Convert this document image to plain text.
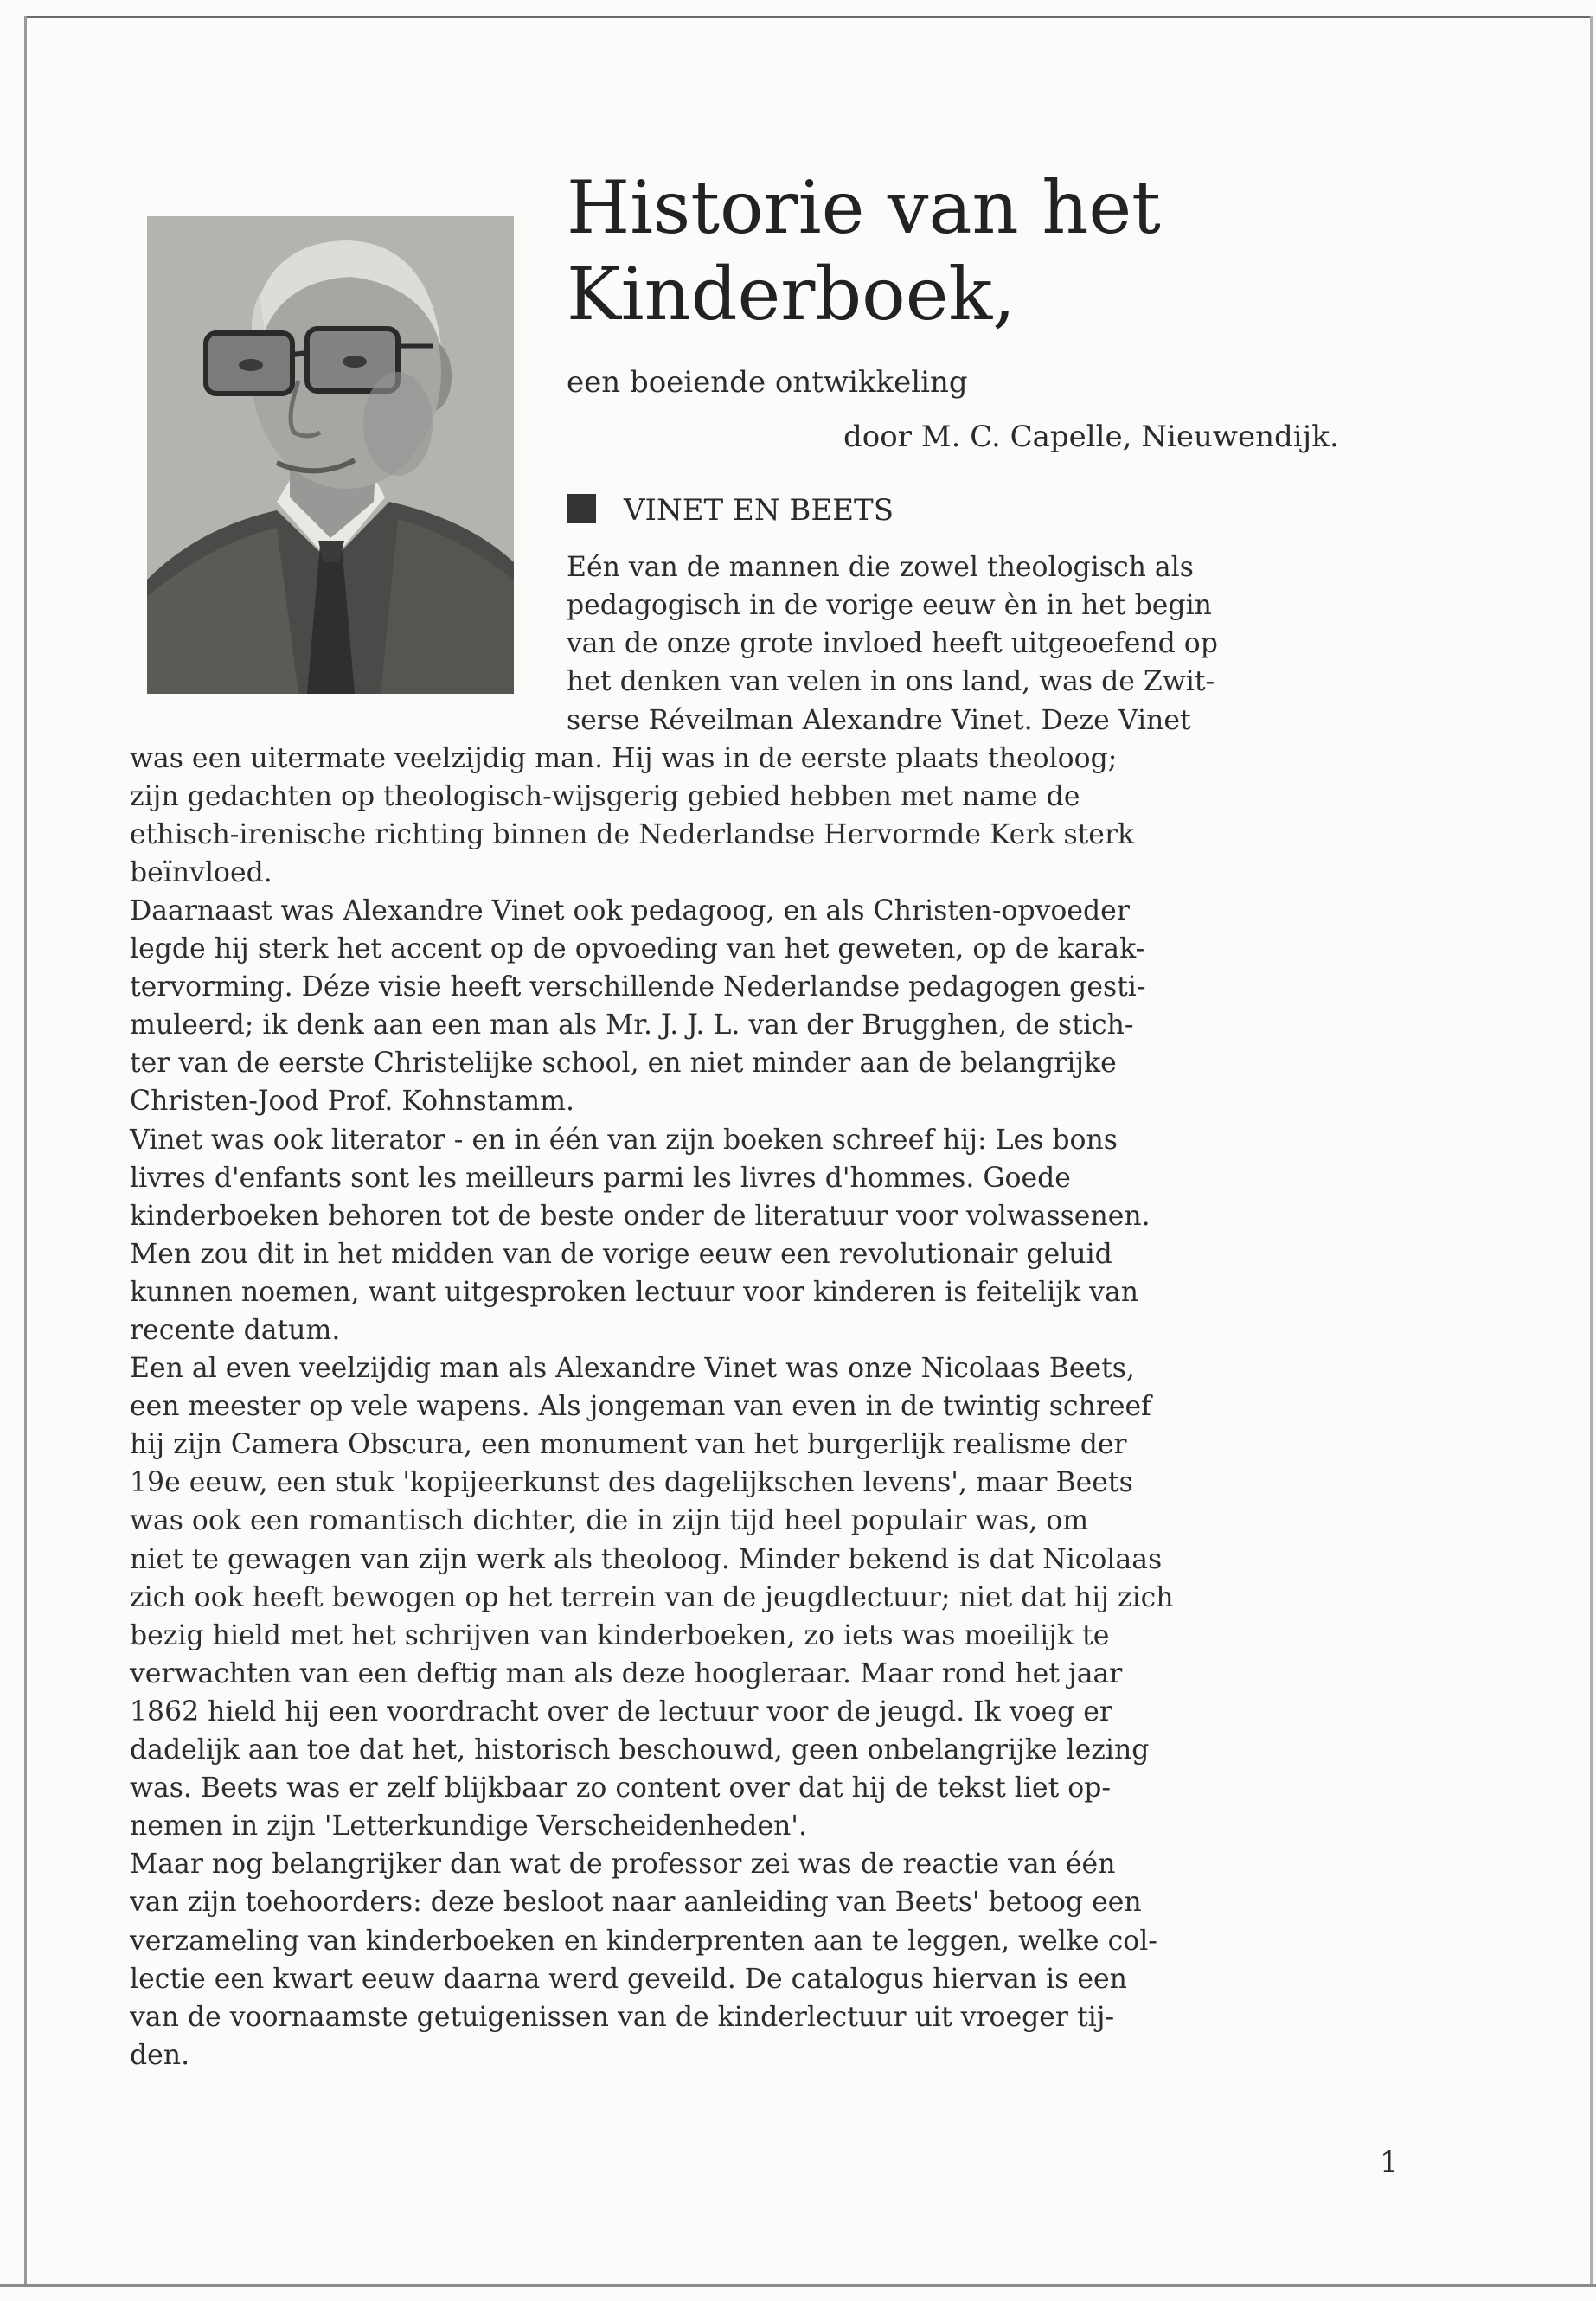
Historie van het
Kinderboek,
een boeiende ontwikkeling
door M. C. Capelle, Nieuwendijk.
VINET EN BEETS
Eén van de mannen die zowel theologisch als
pedagogisch in de vorige eeuw èn in het begin
van de onze grote invloed heeft uitgeoefend op
het denken van velen in ons land, was de Zwit-
serse Réveilman Alexandre Vinet. Deze Vinet
was een uitermate veelzijdig man. Hij was in de eerste plaats theoloog;
zijn gedachten op theologisch-wijsgerig gebied hebben met name de
ethisch-irenische richting binnen de Nederlandse Hervormde Kerk sterk
beïnvloed.
Daarnaast was Alexandre Vinet ook pedagoog, en als Christen-opvoeder
legde hij sterk het accent op de opvoeding van het geweten, op de karak-
tervorming. Déze visie heeft verschillende Nederlandse pedagogen gesti-
muleerd; ik denk aan een man als Mr. J. J. L. van der Brugghen, de stich-
ter van de eerste Christelijke school, en niet minder aan de belangrijke
Christen-Jood Prof. Kohnstamm.
Vinet was ook literator - en in één van zijn boeken schreef hij: Les bons
livres d'enfants sont les meilleurs parmi les livres d'hommes. Goede
kinderboeken behoren tot de beste onder de literatuur voor volwassenen.
Men zou dit in het midden van de vorige eeuw een revolutionair geluid
kunnen noemen, want uitgesproken lectuur voor kinderen is feitelijk van
recente datum.
Een al even veelzijdig man als Alexandre Vinet was onze Nicolaas Beets,
een meester op vele wapens. Als jongeman van even in de twintig schreef
hij zijn Camera Obscura, een monument van het burgerlijk realisme der
19e eeuw, een stuk 'kopijeerkunst des dagelijkschen levens', maar Beets
was ook een romantisch dichter, die in zijn tijd heel populair was, om
niet te gewagen van zijn werk als theoloog. Minder bekend is dat Nicolaas
zich ook heeft bewogen op het terrein van de jeugdlectuur; niet dat hij zich
bezig hield met het schrijven van kinderboeken, zo iets was moeilijk te
verwachten van een deftig man als deze hoogleraar. Maar rond het jaar
1862 hield hij een voordracht over de lectuur voor de jeugd. Ik voeg er
dadelijk aan toe dat het, historisch beschouwd, geen onbelangrijke lezing
was. Beets was er zelf blijkbaar zo content over dat hij de tekst liet op-
nemen in zijn 'Letterkundige Verscheidenheden'.
Maar nog belangrijker dan wat de professor zei was de reactie van één
van zijn toehoorders: deze besloot naar aanleiding van Beets' betoog een
verzameling van kinderboeken en kinderprenten aan te leggen, welke col-
lectie een kwart eeuw daarna werd geveild. De catalogus hiervan is een
van de voornaamste getuigenissen van de kinderlectuur uit vroeger tij-
den.
1
